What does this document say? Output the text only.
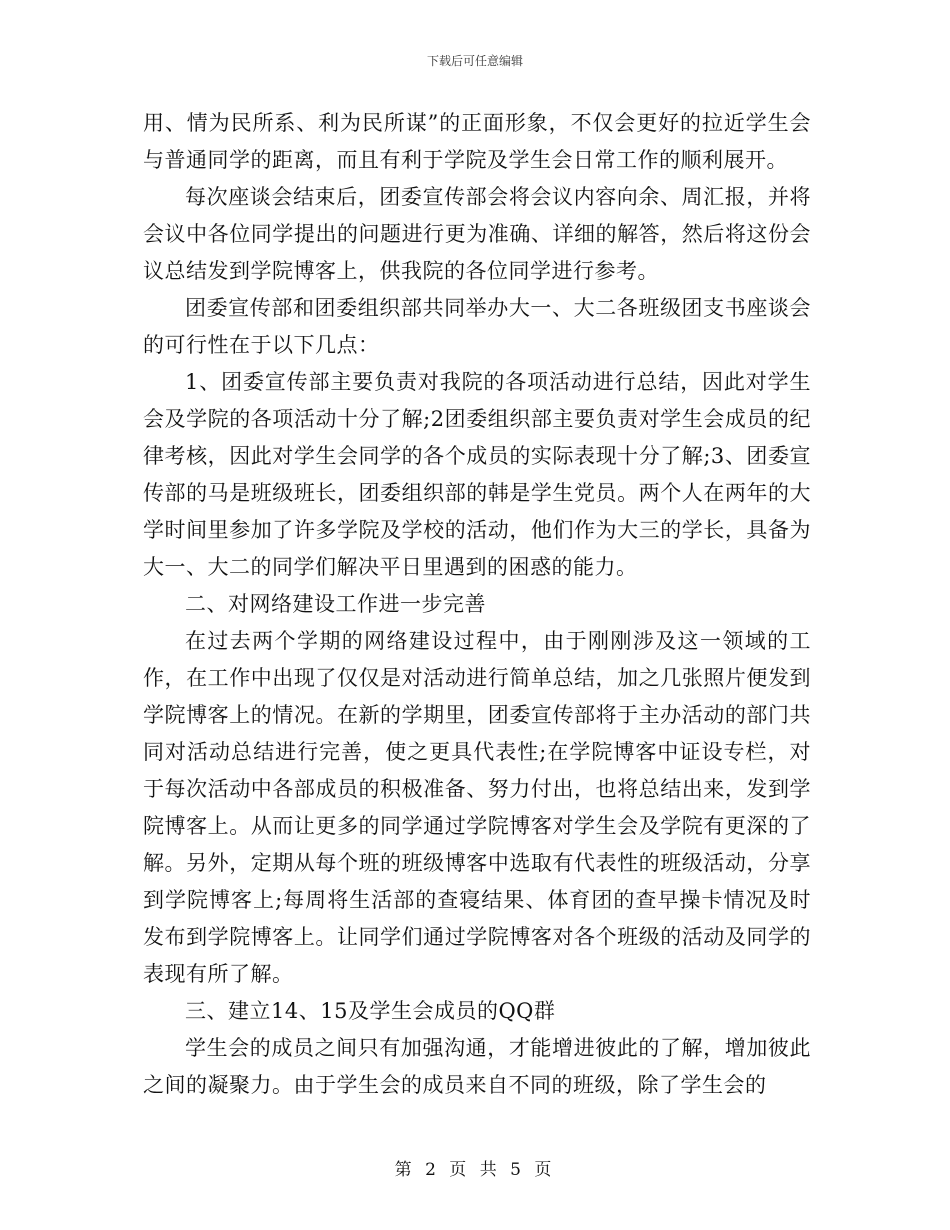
下载后可任意编辑

用、情为民所系、利为民所谋”的正面形象，不仅会更好的拉近学生会与普通同学的距离，而且有利于学院及学生会日常工作的顺利展开。

每次座谈会结束后，团委宣传部会将会议内容向余、周汇报，并将会议中各位同学提出的问题进行更为准确、详细的解答，然后将这份会议总结发到学院博客上，供我院的各位同学进行参考。

团委宣传部和团委组织部共同举办大一、大二各班级团支书座谈会的可行性在于以下几点：

1、团委宣传部主要负责对我院的各项活动进行总结，因此对学生会及学院的各项活动十分了解;2团委组织部主要负责对学生会成员的纪律考核，因此对学生会同学的各个成员的实际表现十分了解;3、团委宣传部的马是班级班长，团委组织部的韩是学生党员。两个人在两年的大学时间里参加了许多学院及学校的活动，他们作为大三的学长，具备为大一、大二的同学们解决平日里遇到的困惑的能力。

二、对网络建设工作进一步完善

在过去两个学期的网络建设过程中，由于刚刚涉及这一领域的工作，在工作中出现了仅仅是对活动进行简单总结，加之几张照片便发到学院博客上的情况。在新的学期里，团委宣传部将于主办活动的部门共同对活动总结进行完善，使之更具代表性;在学院博客中证设专栏，对于每次活动中各部成员的积极准备、努力付出，也将总结出来，发到学院博客上。从而让更多的同学通过学院博客对学生会及学院有更深的了解。另外，定期从每个班的班级博客中选取有代表性的班级活动，分享到学院博客上;每周将生活部的查寝结果、体育团的查早操卡情况及时发布到学院博客上。让同学们通过学院博客对各个班级的活动及同学的表现有所了解。

三、建立14、15及学生会成员的QQ群

学生会的成员之间只有加强沟通，才能增进彼此的了解，增加彼此之间的凝聚力。由于学生会的成员来自不同的班级，除了学生会的

第 2 页 共 5 页
